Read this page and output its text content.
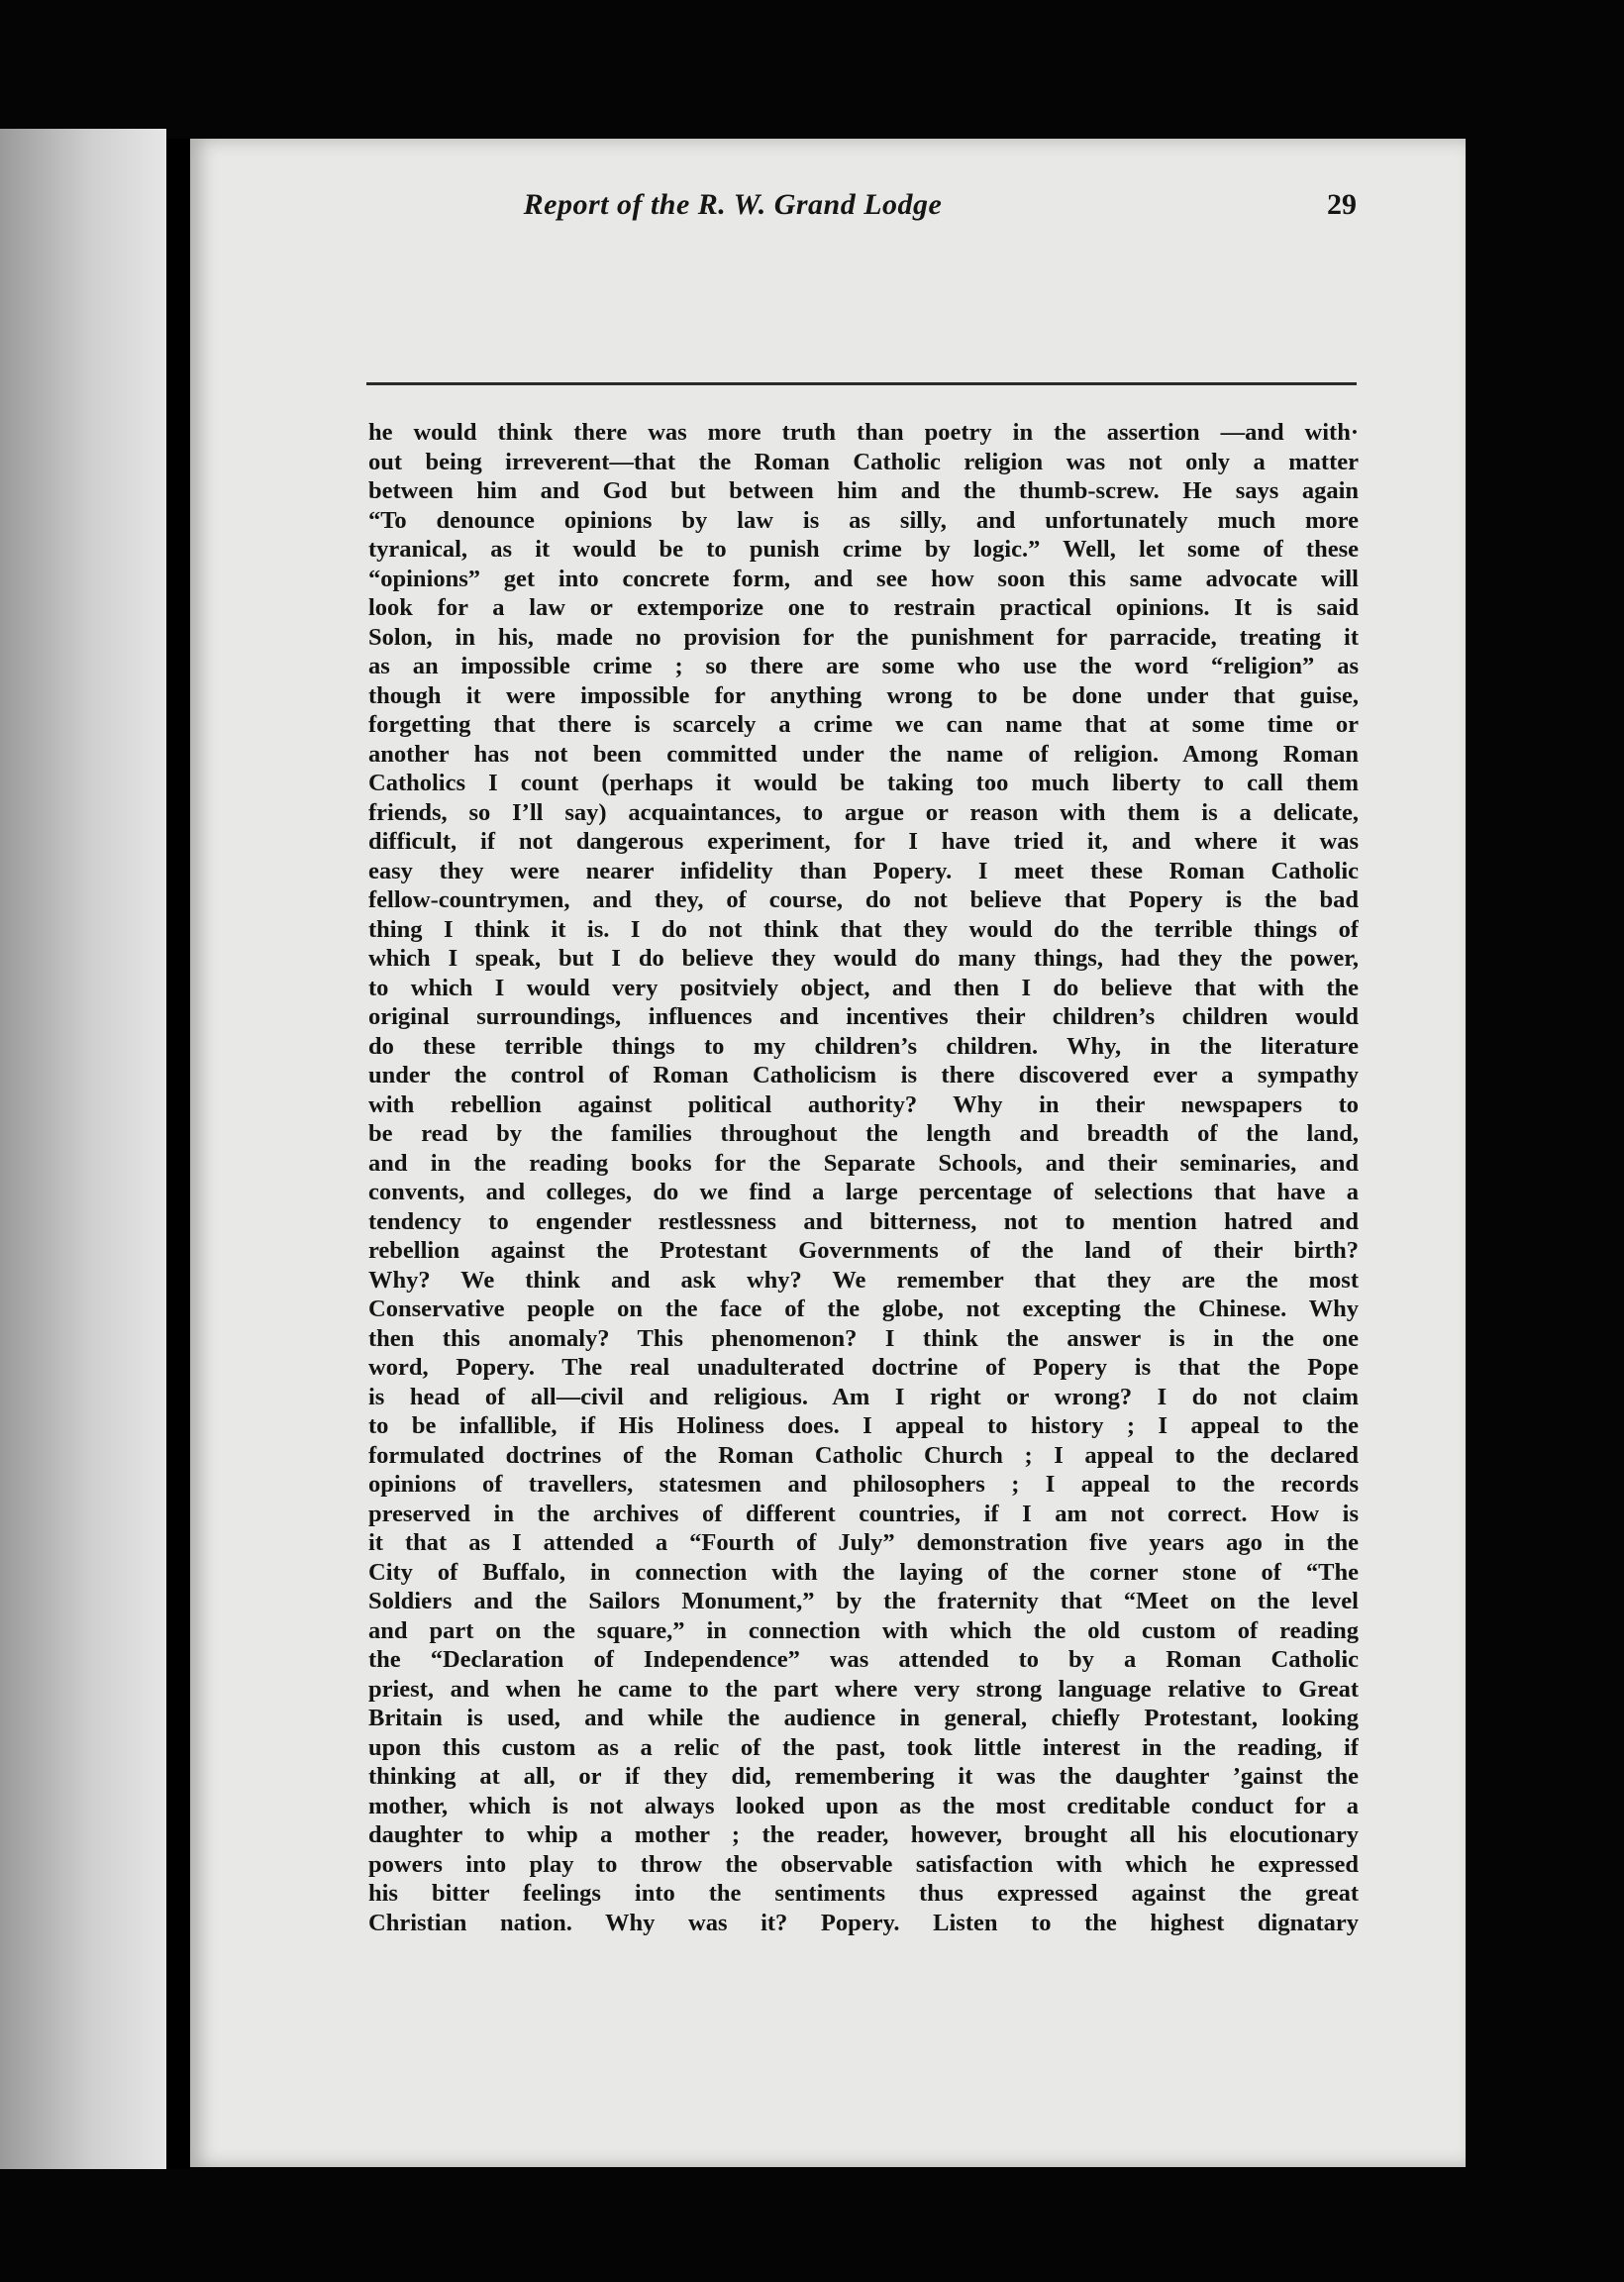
Report of the R. W. Grand Lodge	29
he would think there was more truth than poetry in the assertion —and with·
out being irreverent—that the Roman Catholic religion was not only a matter
between him and God but between him and the thumb-screw. He says again
“To denounce opinions by law is as silly, and unfortunately much more
tyranical, as it would be to punish crime by logic.” Well, let some of these
“opinions” get into concrete form, and see how soon this same advocate will
look for a law or extemporize one to restrain practical opinions. It is said
Solon, in his, made no provision for the punishment for parracide, treating it
as an impossible crime ; so there are some who use the word “religion” as
though it were impossible for anything wrong to be done under that guise,
forgetting that there is scarcely a crime we can name that at some time or
another has not been committed under the name of religion. Among Roman
Catholics I count (perhaps it would be taking too much liberty to call them
friends, so I’ll say) acquaintances, to argue or reason with them is a delicate,
difficult, if not dangerous experiment, for I have tried it, and where it was
easy they were nearer infidelity than Popery. I meet these Roman Catholic
fellow-countrymen, and they, of course, do not believe that Popery is the bad
thing I think it is. I do not think that they would do the terrible things of
which I speak, but I do believe they would do many things, had they the power,
to which I would very positviely object, and then I do believe that with the
original surroundings, influences and incentives their children’s children would
do these terrible things to my children’s children. Why, in the literature
under the control of Roman Catholicism is there discovered ever a sympathy
with rebellion against political authority? Why in their newspapers to
be read by the families throughout the length and breadth of the land,
and in the reading books for the Separate Schools, and their seminaries, and
convents, and colleges, do we find a large percentage of selections that have a
tendency to engender restlessness and bitterness, not to mention hatred and
rebellion against the Protestant Governments of the land of their birth?
Why? We think and ask why? We remember that they are the most
Conservative people on the face of the globe, not excepting the Chinese. Why
then this anomaly? This phenomenon? I think the answer is in the one
word, Popery. The real unadulterated doctrine of Popery is that the Pope
is head of all—civil and religious. Am I right or wrong? I do not claim
to be infallible, if His Holiness does. I appeal to history ; I appeal to the
formulated doctrines of the Roman Catholic Church ; I appeal to the declared
opinions of travellers, statesmen and philosophers ; I appeal to the records
preserved in the archives of different countries, if I am not correct. How is
it that as I attended a “Fourth of July” demonstration five years ago in the
City of Buffalo, in connection with the laying of the corner stone of “The
Soldiers and the Sailors Monument,” by the fraternity that “Meet on the level
and part on the square,” in connection with which the old custom of reading
the “Declaration of Independence” was attended to by a Roman Catholic
priest, and when he came to the part where very strong language relative to Great
Britain is used, and while the audience in general, chiefly Protestant, looking
upon this custom as a relic of the past, took little interest in the reading, if
thinking at all, or if they did, remembering it was the daughter ’gainst the
mother, which is not always looked upon as the most creditable conduct for a
daughter to whip a mother ; the reader, however, brought all his elocutionary
powers into play to throw the observable satisfaction with which he expressed
his bitter feelings into the sentiments thus expressed against the great
Christian nation. Why was it? Popery. Listen to the highest dignatary
